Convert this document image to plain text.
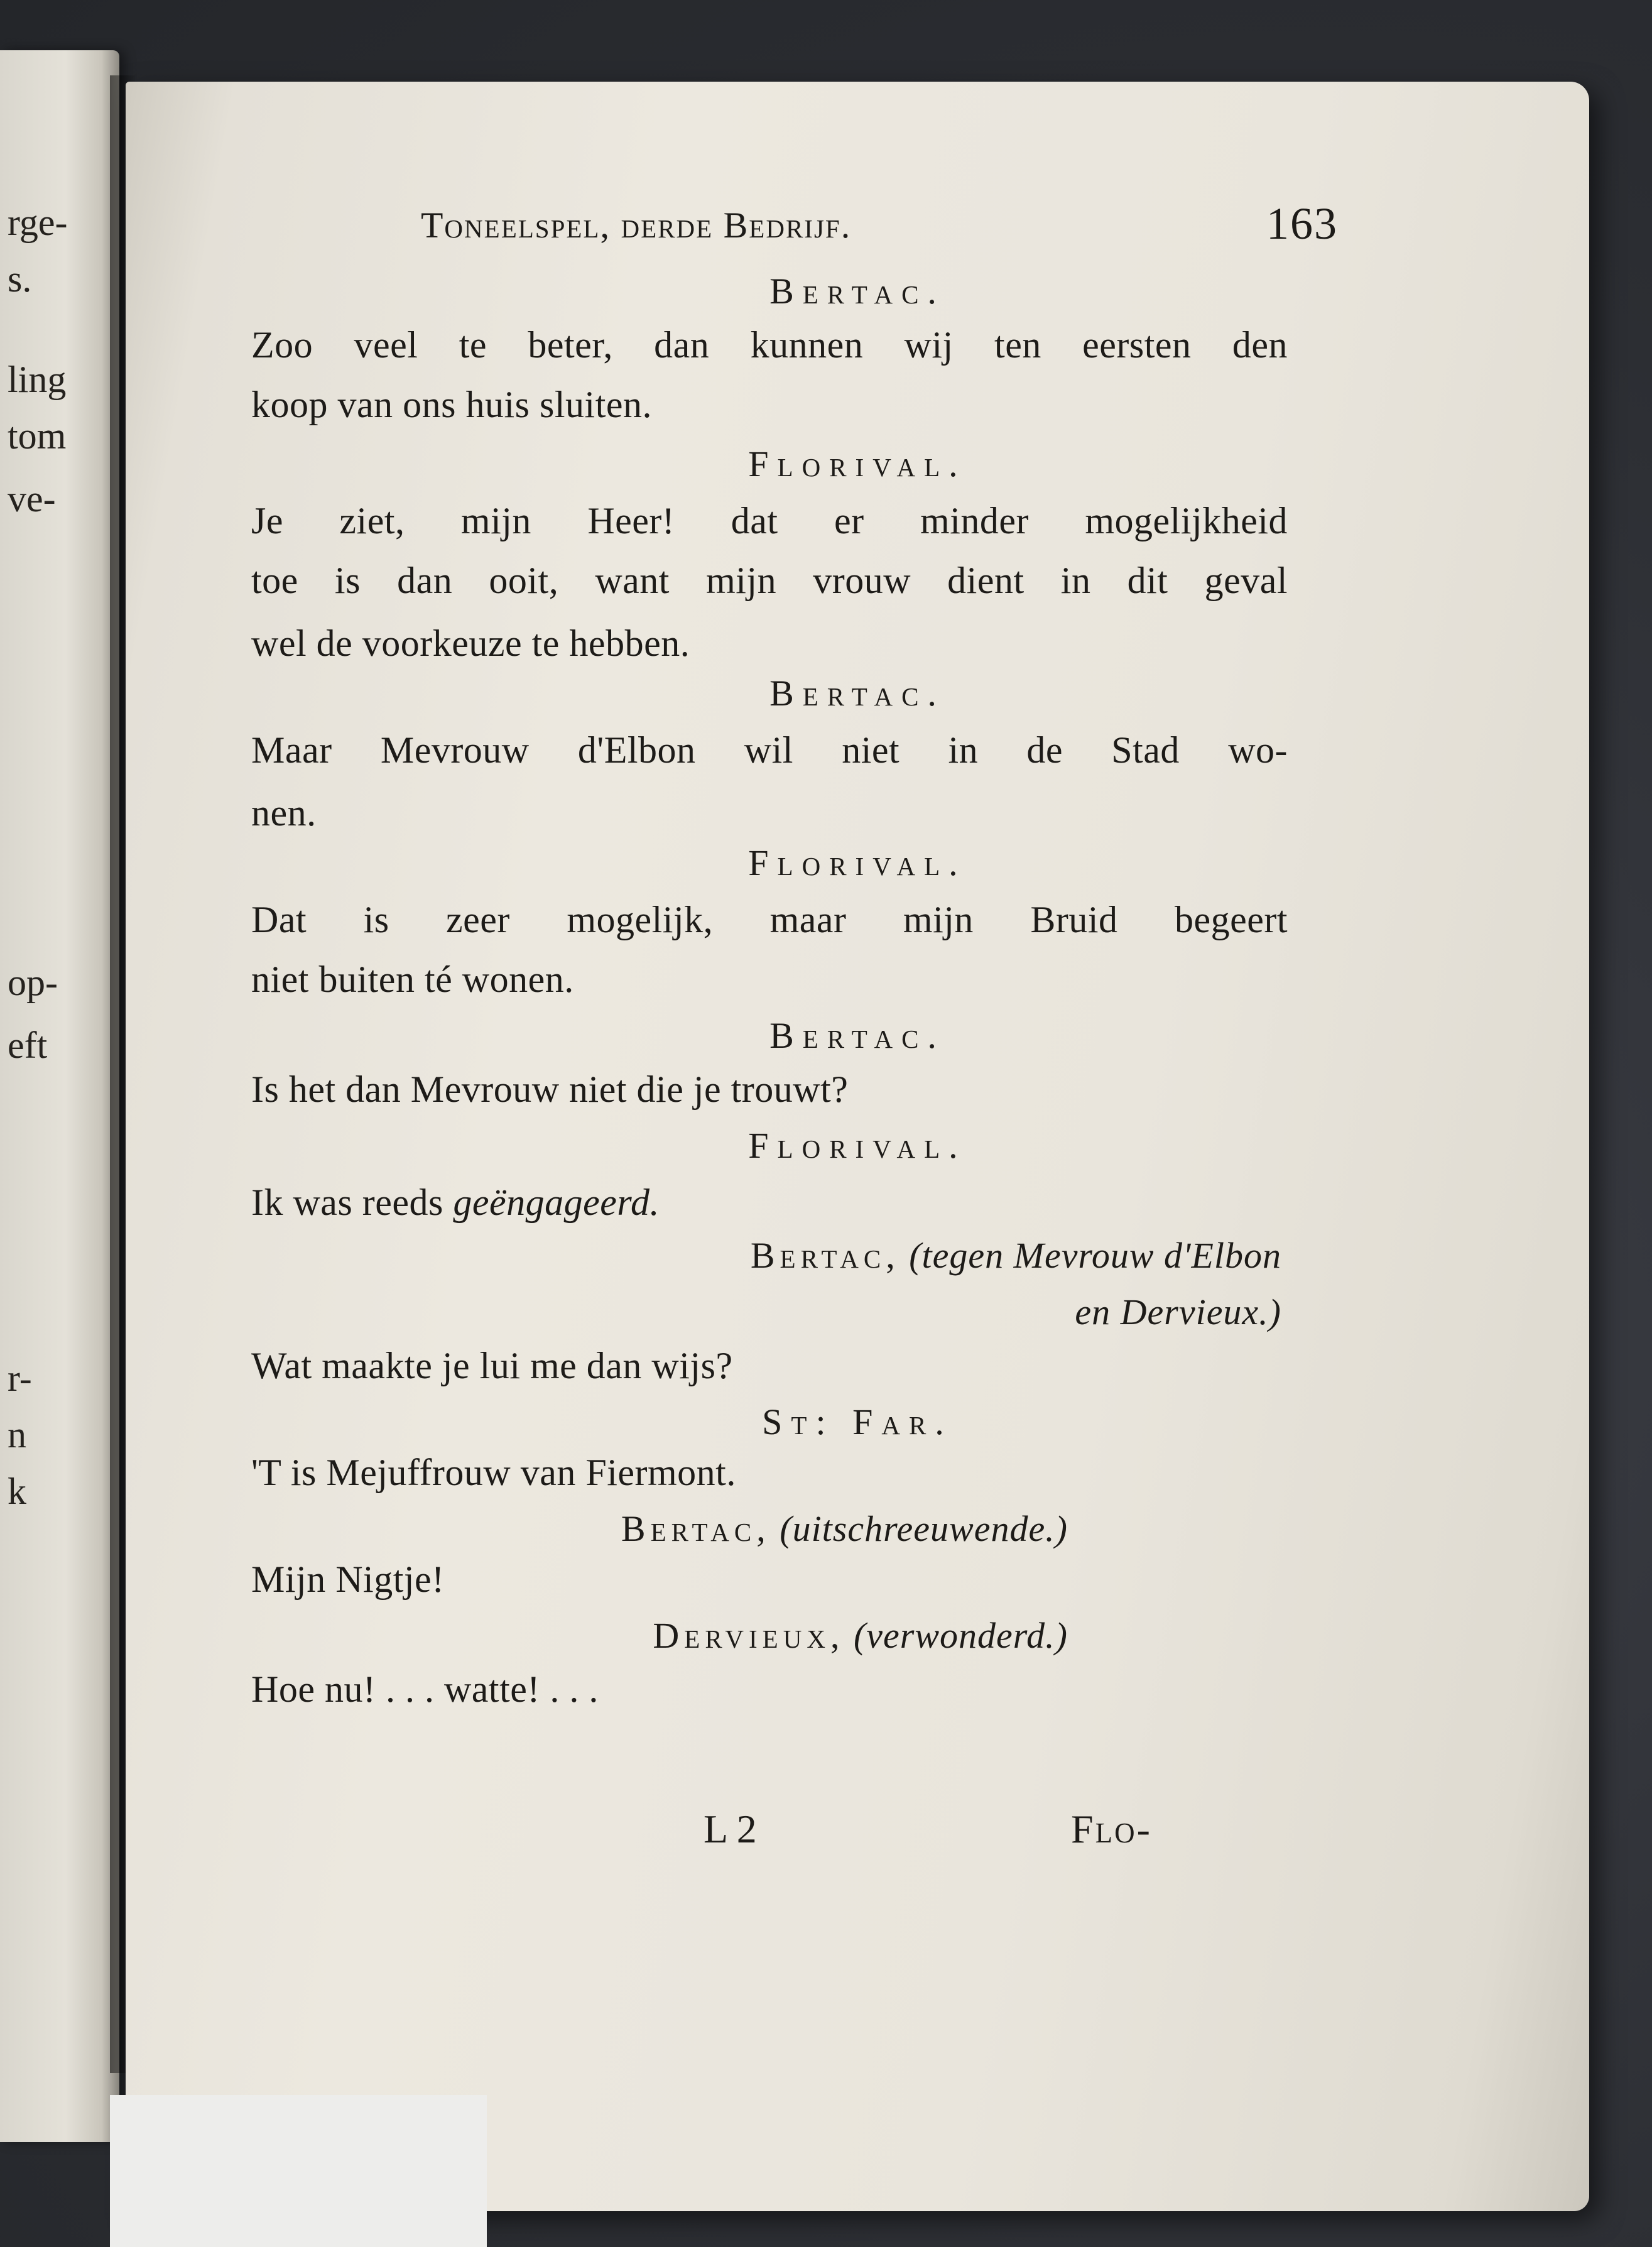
rge-
s.
ling
tom
ve-
op-
eft
r-
n
k
Toneelspel, derde Bedrijf.	163
Bertac.
Zoo veel te beter, dan kunnen wij ten eersten den
koop van ons huis sluiten.
Florival.
Je ziet, mijn Heer! dat er minder mogelijkheid
toe is dan ooit, want mijn vrouw dient in dit geval
wel de voorkeuze te hebben.
Bertac.
Maar Mevrouw d'Elbon wil niet in de Stad wo-
nen.
Florival.
Dat is zeer mogelijk, maar mijn Bruid begeert
niet buiten té wonen.
Bertac.
Is het dan Mevrouw niet die je trouwt?
Florival.
Ik was reeds geëngageerd.
Bertac, (tegen Mevrouw d'Elbon
en Dervieux.)
Wat maakte je lui me dan wijs?
St: Far.
'T is Mejuffrouw van Fiermont.
Bertac, (uitschreeuwende.)
Mijn Nigtje!
Dervieux, (verwonderd.)
Hoe nu! . . . watte! . . .
L 2	Flo-
